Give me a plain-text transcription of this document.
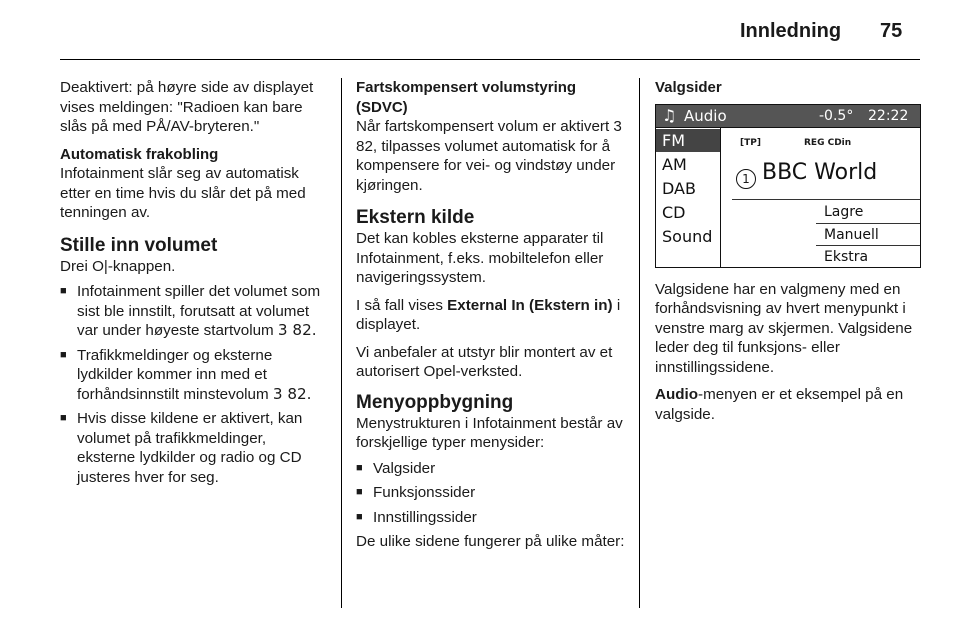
Innledning 75

Deaktivert: på høyre side av displayet vises meldingen: "Radioen kan bare slås på med PÅ/AV-bryteren."

Automatisk frakobling

Infotainment slår seg av automatisk etter en time hvis du slår det på med tenningen av.

Stille inn volumet

Drei O|-knappen.

■ Infotainment spiller det volumet som sist ble innstilt, forutsatt at volumet var under høyeste startvolum 3 82.
■ Trafikkmeldinger og eksterne lydkilder kommer inn med et forhåndsinnstilt minstevolum 3 82.
■ Hvis disse kildene er aktivert, kan volumet på trafikkmeldinger, eksterne lydkilder og radio og CD justeres hver for seg.
Fartskompensert volumstyring (SDVC)

Når fartskompensert volum er aktivert 3 82, tilpasses volumet automatisk for å kompensere for vei- og vindstøy under kjøringen.

Ekstern kilde

Det kan kobles eksterne apparater til Infotainment, f.eks. mobiltelefon eller navigeringssystem.

I så fall vises External In (Ekstern in) i displayet.

Vi anbefaler at utstyr blir montert av et autorisert Opel-verksted.

Menyoppbygning

Menystrukturen i Infotainment består av forskjellige typer menysider:

■ Valgsider
■ Funksjonssider
■ Innstillingssider

De ulike sidene fungerer på ulike måter:

Valgsider
♫ Audio	-0.5° 22:22
FM
AM
DAB
CD
Sound
[TP]	REG CDin
1 BBC World
Lagre
Manuell
Ekstra

Valgsidene har en valgmeny med en forhåndsvisning av hvert menypunkt i venstre marg av skjermen. Valgsidene leder deg til funksjons- eller innstillingssidene.

Audio-menyen er et eksempel på en valgside.
